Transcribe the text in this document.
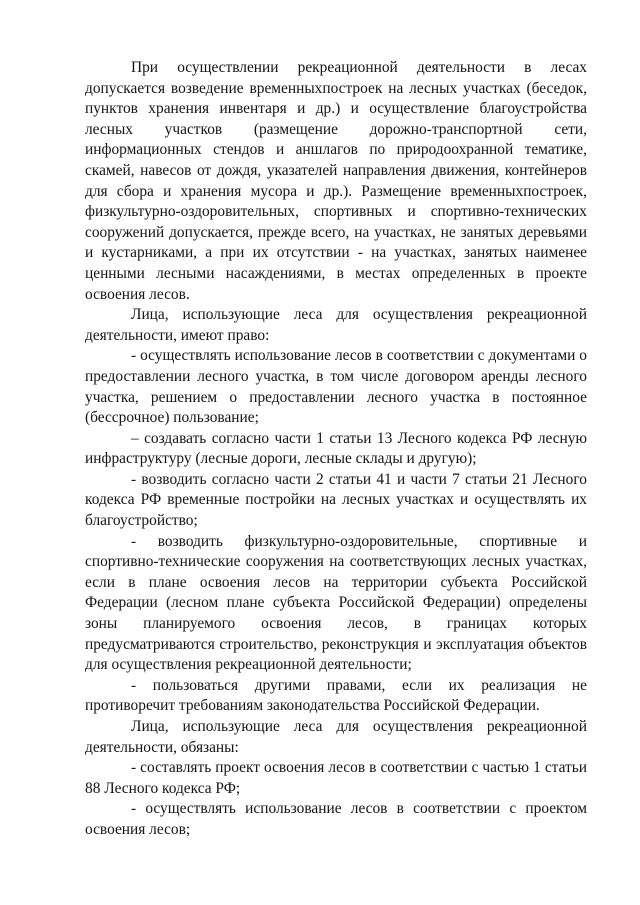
При осуществлении рекреационной деятельности в лесах допускается возведение временныхпостроек на лесных участках (беседок, пунктов хранения инвентаря и др.) и осуществление благоустройства лесных участков (размещение дорожно-транспортной сети, информационных стендов и аншлагов по природоохранной тематике, скамей, навесов от дождя, указателей направления движения, контейнеров для сбора и хранения мусора и др.). Размещение временныхпостроек, физкультурно-оздоровительных, спортивных и спортивно-технических сооружений допускается, прежде всего, на участках, не занятых деревьями и кустарниками, а при их отсутствии - на участках, занятых наименее ценными лесными насаждениями, в местах определенных в проекте освоения лесов.

Лица, использующие леса для осуществления рекреационной деятельности, имеют право:

- осуществлять использование лесов в соответствии с документами о предоставлении лесного участка, в том числе договором аренды лесного участка, решением о предоставлении лесного участка в постоянное (бессрочное) пользование;

– создавать согласно части 1 статьи 13 Лесного кодекса РФ лесную инфраструктуру (лесные дороги, лесные склады и другую);

- возводить согласно части 2 статьи 41 и части 7 статьи 21 Лесного кодекса РФ временные постройки на лесных участках и осуществлять их благоустройство;

- возводить физкультурно-оздоровительные, спортивные и спортивно-технические сооружения на соответствующих лесных участках, если в плане освоения лесов на территории субъекта Российской Федерации (лесном плане субъекта Российской Федерации) определены зоны планируемого освоения лесов, в границах которых предусматриваются строительство, реконструкция и эксплуатация объектов для осуществления рекреационной деятельности;

- пользоваться другими правами, если их реализация не противоречит требованиям законодательства Российской Федерации.

Лица, использующие леса для осуществления рекреационной деятельности, обязаны:

- составлять проект освоения лесов в соответствии с частью 1 статьи 88 Лесного кодекса РФ;

- осуществлять использование лесов в соответствии с проектом освоения лесов;
